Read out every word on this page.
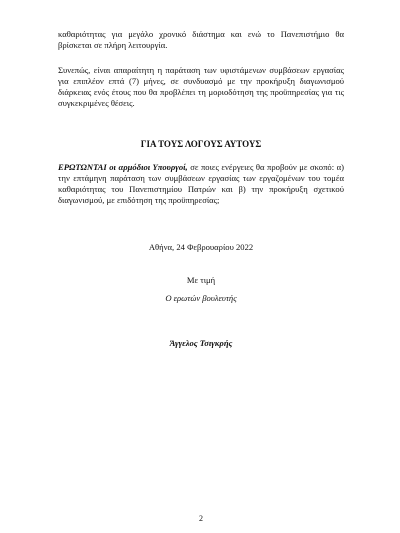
καθαριότητας για μεγάλο χρονικό διάστημα και ενώ το Πανεπιστήμιο θα βρίσκεται σε πλήρη λειτουργία.

Συνεπώς, είναι απαραίτητη η παράταση των υφιστάμενων συμβάσεων εργασίας για επιπλέον επτά (7) μήνες, σε συνδυασμό με την προκήρυξη διαγωνισμού διάρκειας ενός έτους που θα προβλέπει τη μοριοδότηση της προϋπηρεσίας για τις συγκεκριμένες θέσεις.

ΓΙΑ ΤΟΥΣ ΛΟΓΟΥΣ ΑΥΤΟΥΣ

ΕΡΩΤΩΝΤΑΙ οι αρμόδιοι Υπουργοί, σε ποιες ενέργειες θα προβούν με σκοπό: α) την επτάμηνη παράταση των συμβάσεων εργασίας των εργαζομένων του τομέα καθαριότητας του Πανεπιστημίου Πατρών και β) την προκήρυξη σχετικού διαγωνισμού, με επιδότηση της προϋπηρεσίας;

Αθήνα, 24 Φεβρουαρίου 2022

Με τιμή

Ο ερωτών βουλευτής

Άγγελος Τσιγκρής

2
